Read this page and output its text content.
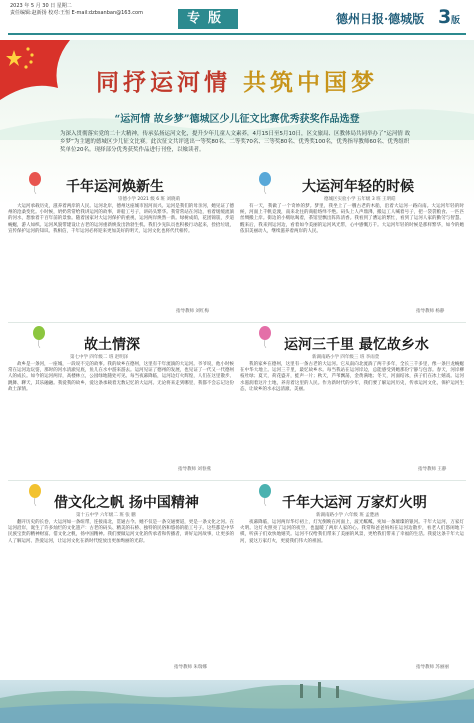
2023 年 5 月 30 日 星期二
责任编辑:赵新扬 校对:王恒 E-mail:dzbsanban@163.com	专版	德州日报·德城版 3 版
同抒运河情 共筑中国梦
“运河情 故乡梦”德城区少儿征文比赛优秀获奖作品选登
为深入贯彻落实党的二十大精神，传承弘扬运河文化，提升少年儿童人文素养，4月15日至5月10日，区文旅局、区教体局共同举办了“运河情 故乡梦”为主题的德城区少儿征文比赛。此次征文共评选出一等奖80名、二等奖70名、三等奖80名、优秀奖100名，优秀指导教师60名、优秀组织奖单位20名。现择部分优秀获奖作品进行刊登，以飨读者。
千年运河焕新生
崇德小学 2021 级 6 班 刘晓萌

大运河承载历史，滋养着两岸的人民。运河北岸，德州这座城市因河而兴。运河是我们的母亲河，她见证了德州的沧桑变化。小时候，奶奶常常给我讲运河的故事，讲船工号子，讲码头繁华。我常常站在河边，看着缓缓流淌的河水，想象着千百年前的景象。随着国家对大运河保护的重视，运河两岸焕然一新。绿树成荫，花团锦簇，步道蜿蜒，游人如织。运河风貌带建设让古老的运河重新焕发出勃勃生机。我们少先队员也积极行动起来，捡拾垃圾，宣传保护运河的知识。我相信，千年运河必将迎来更加美好的明天，运河文化也将代代相传。

指导教师 刘红梅
大运河年轻的时候
德城区实验小学 五年级 3 班 王明皓

有一天，我做了一个奇妙的梦。梦里，我坐上了一艘古老的木船，沿着大运河一路向南。大运河年轻的时候，河面上千帆竞渡，南来北往的商船络绎不绝。码头上人声鼎沸，搬运工人喊着号子，把一袋袋粮食、一匹匹丝绸搬上岸。街边的小贩吆喝着，茶馆里飘出阵阵清香。我看到了漕运的繁忙，看到了运河人家的勤劳与智慧。醒来后，我来到运河边，看着如今美丽的运河风光带，心中感慨万千。大运河年轻的时候是那样繁华，如今的她依旧美丽动人，继续滋养着两岸的人民。

指导教师 杨静
故土情深
第七中学 四年级二 班 赵明泽

故乡是一条河，一座城，一段说不完的故事。我的故乡在德州，这里有千年流淌的大运河。爷爷说，他小时候常在运河边玩耍，那时的河水清澈见底，鱼儿在水中游来游去。运河见证了德州的发展，也见证了一代又一代德州人的成长。如今的运河两岸，高楼林立，公园绿地随处可见。每当夜幕降临，运河边灯火辉煌，人们在这里散步、跳舞、聊天，其乐融融。我爱我的故乡，爱这条承载着无数记忆的大运河。无论将来走到哪里，我都不会忘记这份故土深情。

指导教师 刘春燕
运河三千里 最忆故乡水
新湖南路小学 四年级三 班 李雨萱

我的家乡在德州，这里有一条古老的大运河。它从南向北流淌了两千多年，全长三千多里，像一条巨龙蜿蜒在中华大地上。运河三千里，最忆故乡水。每当我站在运河岸边，总能感受到她那份宁静与包容。春天，河岸柳枝吐绿；夏天，荷花盛开，蛙声一片；秋天，芦苇飘荡，金黄满地；冬天，河面结冰，孩子们在冰上嬉戏。运河水滋润着这片土地，养育着这里的人民。作为新时代的少年，我们要了解运河历史，传承运河文化，保护运河生态，让故乡的水永远清澈、美丽。

指导教师 王静
借文化之帆 扬中国精神
第十五中学 六年级二 班 张 鹏

翻开历史的长卷，大运河如一条纽带，连接南北，贯通古今。她不仅是一条交通要道，更是一条文化之河。在运河沿岸，诞生了许多灿烂的文化遗产：古老的码头、精美的石桥、独特的民俗和悠扬的船工号子。这些都是中华民族宝贵的精神财富。借文化之帆，扬中国精神。我们要做运河文化的传承者和传播者，讲好运河故事，让更多的人了解运河、热爱运河，让运河文化在新时代绽放出更加绚丽的光彩。

指导教师 朱瑞娜
千年大运河 万家灯火明
新湖南路小学 六年级 班 孟楚涵

夜幕降临，运河两岸华灯初上，灯光倒映在河面上，波光粼粼，宛如一条璀璨的银河。千年大运河，万家灯火明。这灯火照亮了运河的夜空，也温暖了两岸人家的心。我常和爸爸妈妈在运河边散步，看老人们悠闲地下棋，听孩子们欢快地嬉笑。运河不仅给我们带来了美丽的风景，更给我们带来了幸福的生活。我爱这条千年大运河，爱这万家灯火，更爱我们伟大的祖国。

指导教师 苏丽丽
